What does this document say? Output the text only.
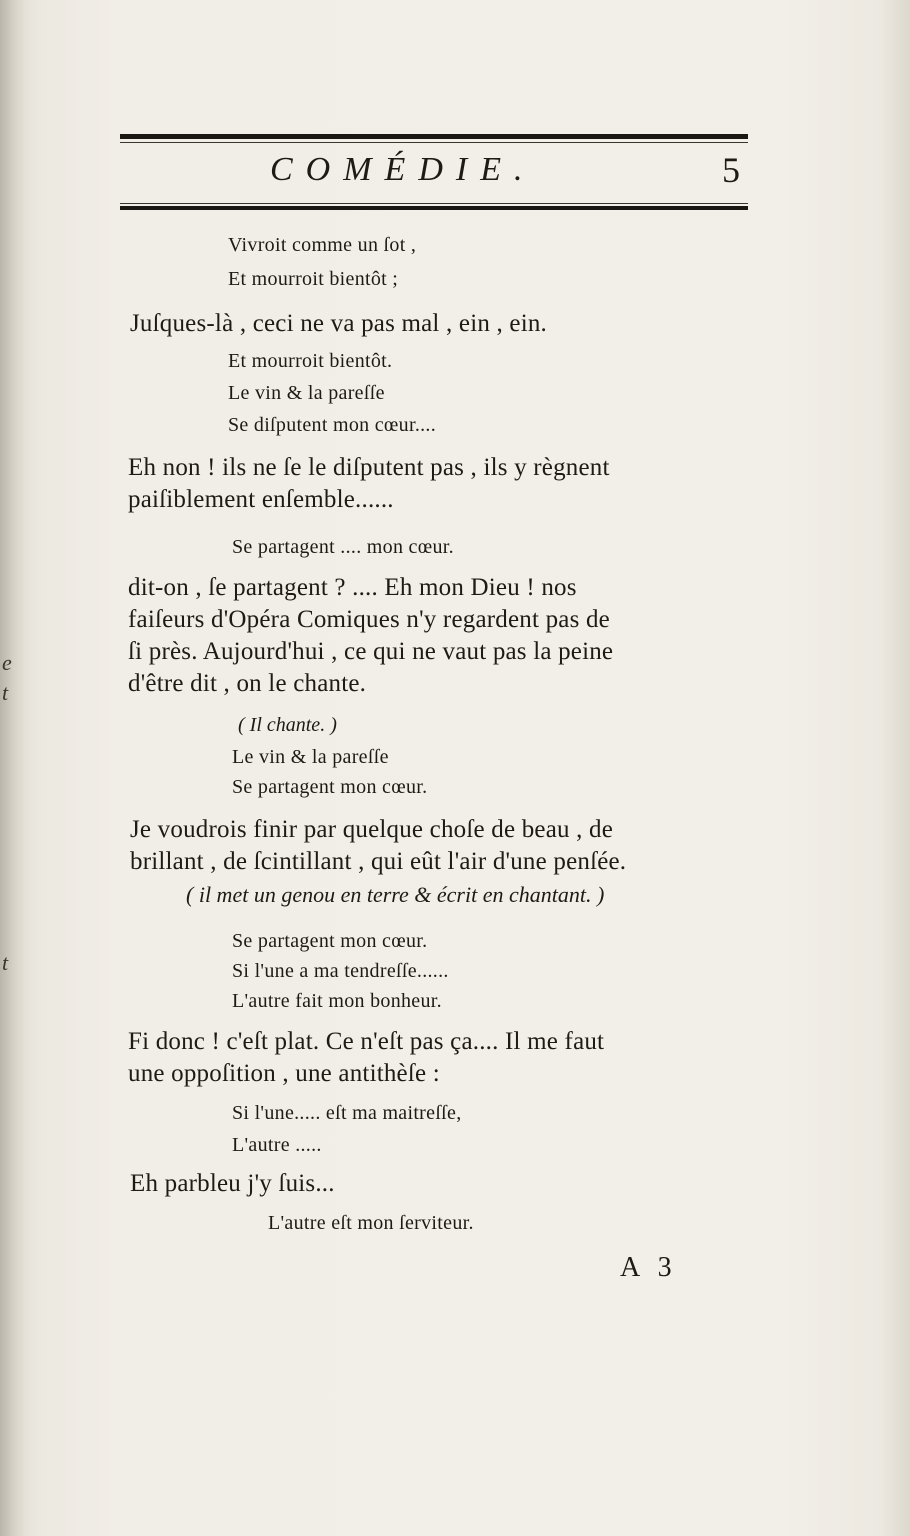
e
t
t
COMÉDIE.	5
Vivroit comme un ſot ,
Et mourroit bientôt ;
Juſques-là , ceci ne va pas mal , ein , ein.
Et mourroit bientôt.
Le vin & la pareſſe
Se diſputent mon cœur....
Eh non ! ils ne ſe le diſputent pas , ils y règnent
paiſiblement enſemble......
Se partagent .... mon cœur.
dit-on , ſe partagent ? .... Eh mon Dieu ! nos
faiſeurs d'Opéra Comiques n'y regardent pas de
ſi près. Aujourd'hui , ce qui ne vaut pas la peine
d'être dit , on le chante.
( Il chante. )
Le vin & la pareſſe
Se partagent mon cœur.
Je voudrois finir par quelque choſe de beau , de
brillant , de ſcintillant , qui eût l'air d'une penſée.
( il met un genou en terre & écrit en chantant. )
Se partagent mon cœur.
Si l'une a ma tendreſſe......
L'autre fait mon bonheur.
Fi donc ! c'eſt plat. Ce n'eſt pas ça.... Il me faut
une oppoſition , une antithèſe :
Si l'une..... eſt ma maitreſſe,
L'autre .....
Eh parbleu j'y ſuis...
L'autre eſt mon ſerviteur.
A 3
